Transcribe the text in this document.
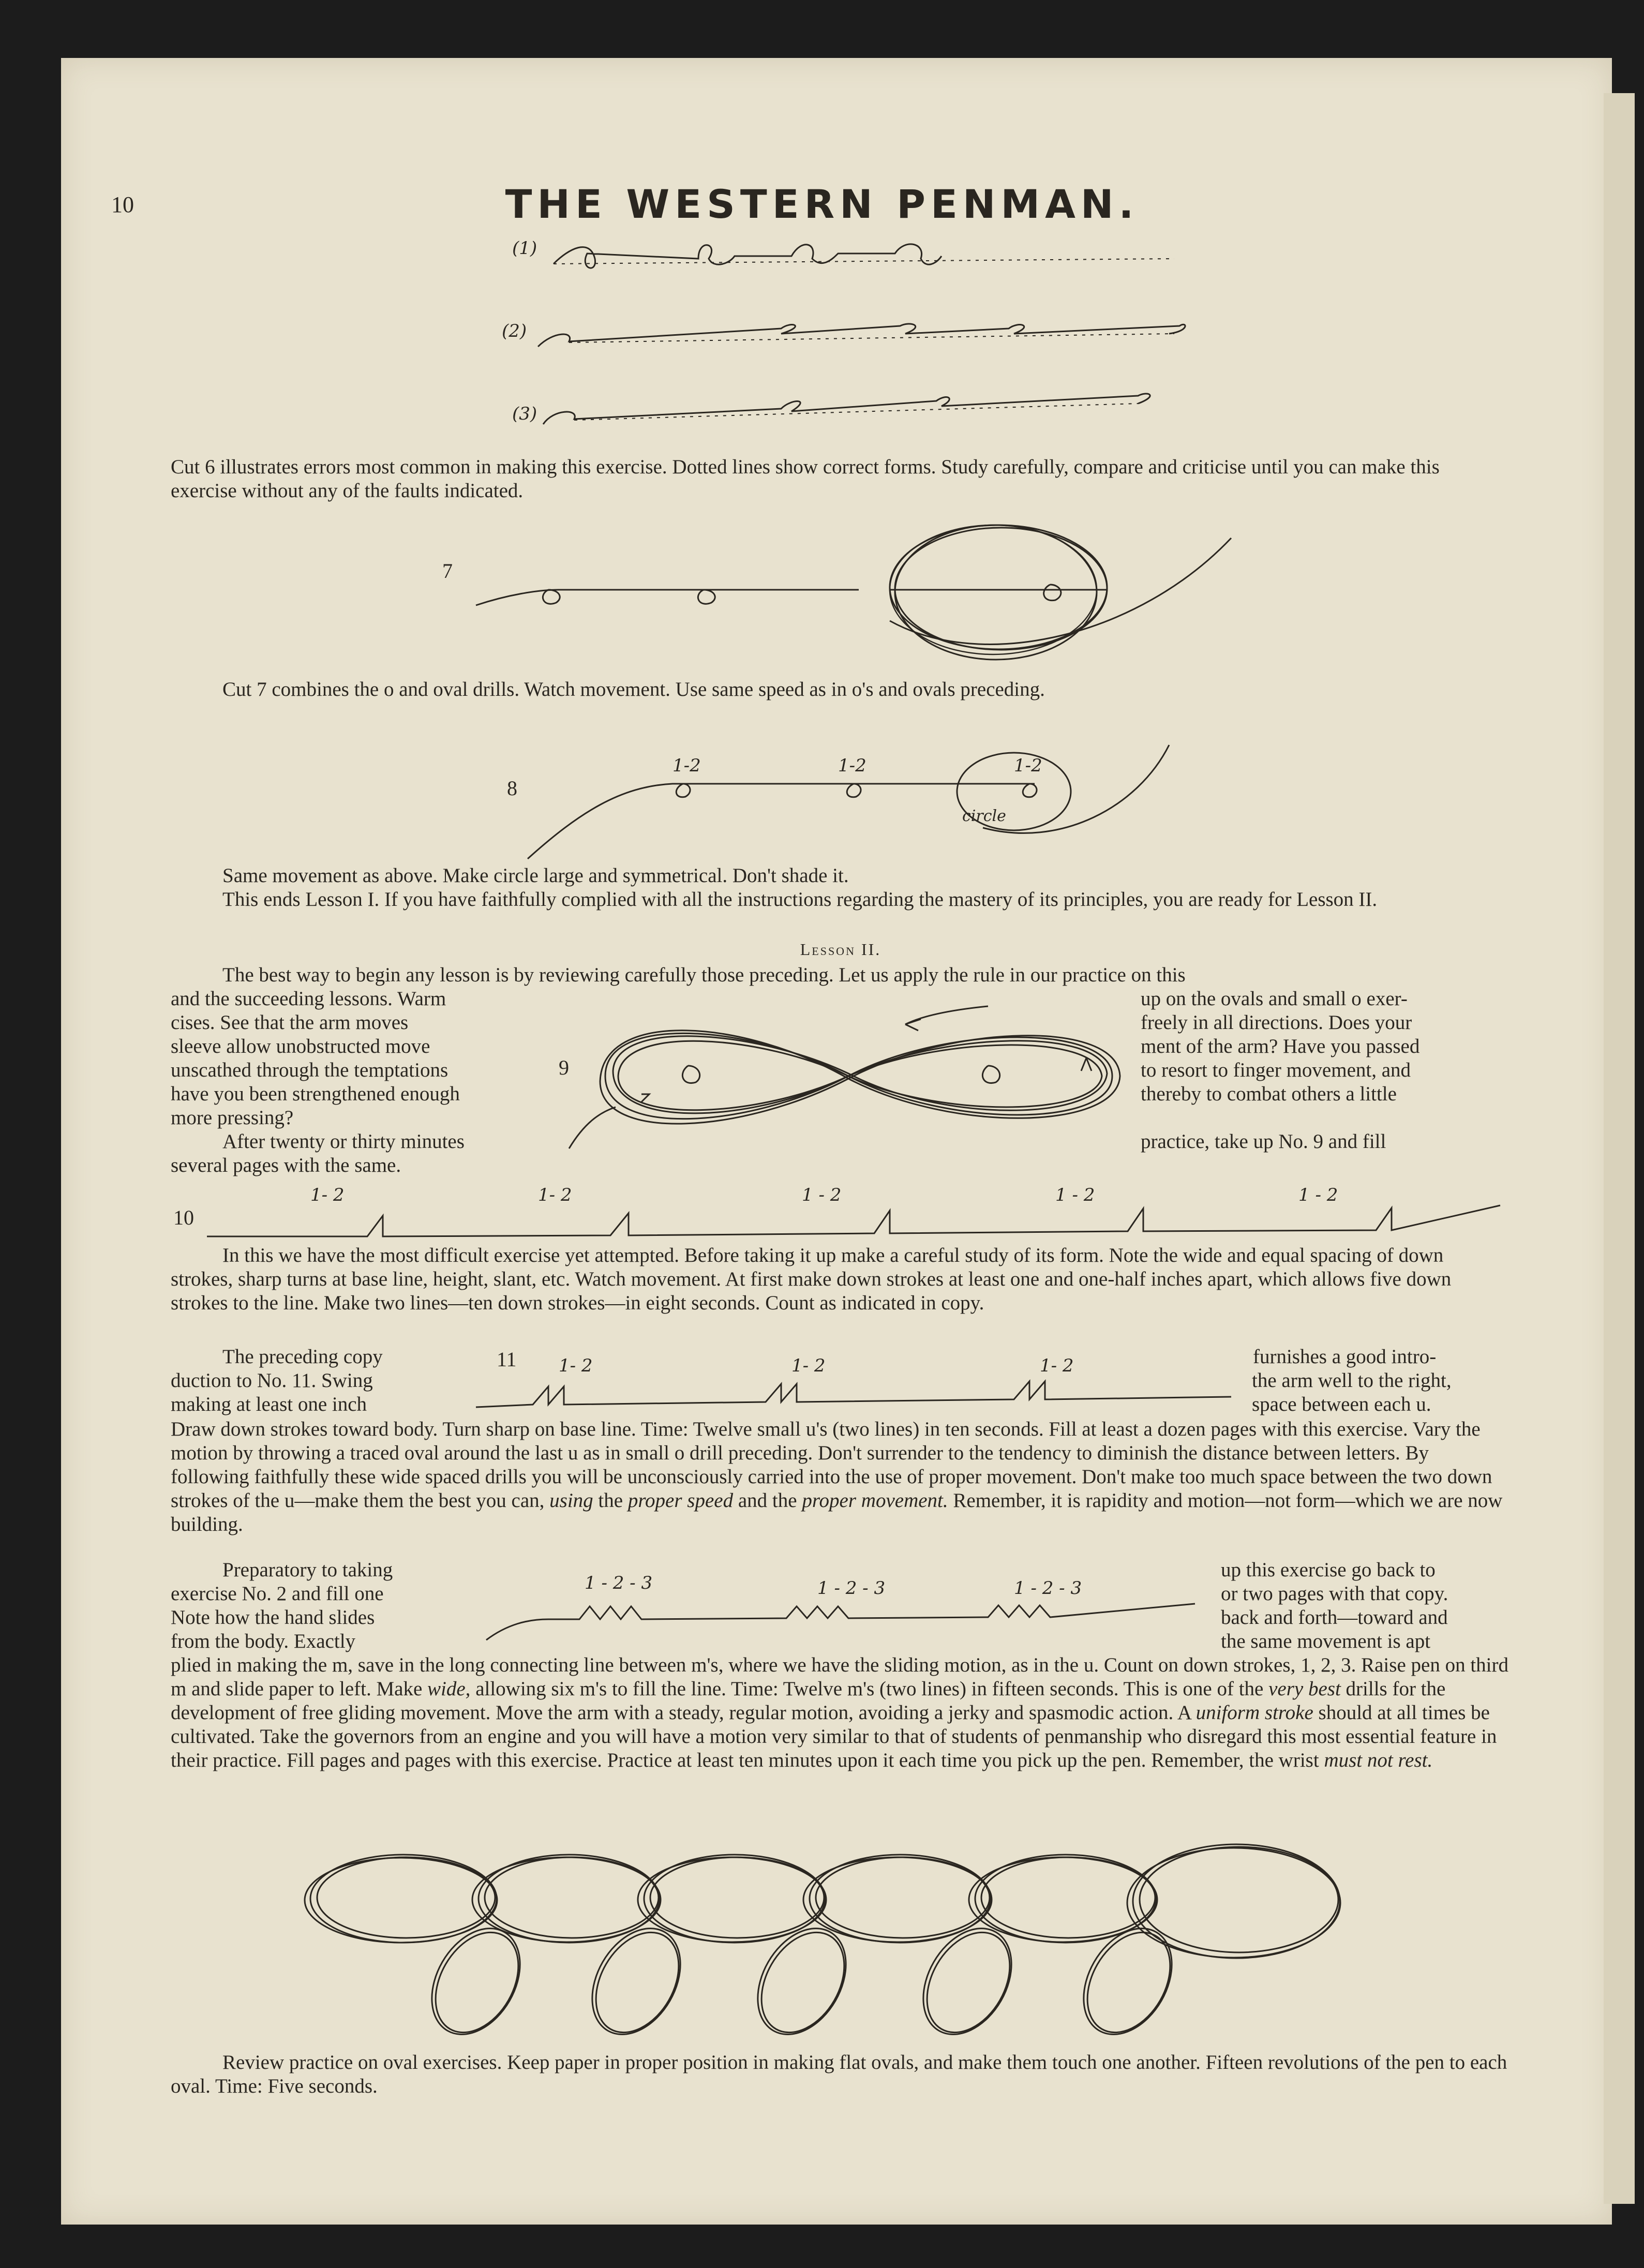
10	THE WESTERN PENMAN.
(1)
(2)
(3)

Cut 6 illustrates errors most common in making this exercise. Dotted lines show correct forms. Study carefully, compare and criticise until you can make this exercise without any of the faults indicated.

7

Cut 7 combines the o and oval drills. Watch movement. Use same speed as in o's and ovals preceding.

8
1-2	1-2	1-2
circle

Same movement as above. Make circle large and symmetrical. Don't shade it.

This ends Lesson I. If you have faithfully complied with all the instructions regarding the mastery of its principles, you are ready for Lesson II.

Lesson II.

The best way to begin any lesson is by reviewing carefully those preceding. Let us apply the rule in our practice on this

and the succeeding lessons. Warm
cises. See that the arm moves
sleeve allow unobstructed move
unscathed through the temptations
have you been strengthened enough
more pressing?
After twenty or thirty minutes
several pages with the same.
up on the ovals and small o exer-
freely in all directions. Does your
ment of the arm? Have you passed
to resort to finger movement, and
thereby to combat others a little
practice, take up No. 9 and fill
9
10
1- 2	1- 2	1 - 2	1 - 2	1 - 2

In this we have the most difficult exercise yet attempted. Before taking it up make a careful study of its form. Note the wide and equal spacing of down strokes, sharp turns at base line, height, slant, etc. Watch movement. At first make down strokes at least one and one-half inches apart, which allows five down strokes to the line. Make two lines—ten down strokes—in eight seconds. Count as indicated in copy.

The preceding copy
duction to No. 11. Swing
making at least one inch
11 1- 2	1- 2	1- 2	furnishes a good intro-
the arm well to the right,
space between each u.

Draw down strokes toward body. Turn sharp on base line. Time: Twelve small u's (two lines) in ten seconds. Fill at least a dozen pages with this exercise. Vary the motion by throwing a traced oval around the last u as in small o drill preceding. Don't surrender to the tendency to diminish the distance between letters. By following faithfully these wide spaced drills you will be unconsciously carried into the use of proper movement. Don't make too much space between the two down strokes of the u—make them the best you can, using the proper speed and the proper movement. Remember, it is rapidity and motion—not form—which we are now building.

Preparatory to taking
exercise No. 2 and fill one
Note how the hand slides
from the body. Exactly
1 - 2 - 3	1 - 2 - 3	1 - 2 - 3
up this exercise go back to
or two pages with that copy.
back and forth—toward and
the same movement is apt

plied in making the m, save in the long connecting line between m's, where we have the sliding motion, as in the u. Count on down strokes, 1, 2, 3. Raise pen on third m and slide paper to left. Make wide, allowing six m's to fill the line. Time: Twelve m's (two lines) in fifteen seconds. This is one of the very best drills for the development of free gliding movement. Move the arm with a steady, regular motion, avoiding a jerky and spasmodic action. A uniform stroke should at all times be cultivated. Take the governors from an engine and you will have a motion very similar to that of students of penmanship who disregard this most essential feature in their practice. Fill pages and pages with this exercise. Practice at least ten minutes upon it each time you pick up the pen. Remember, the wrist must not rest.

Review practice on oval exercises. Keep paper in proper position in making flat ovals, and make them touch one another. Fifteen revolutions of the pen to each oval. Time: Five seconds.
